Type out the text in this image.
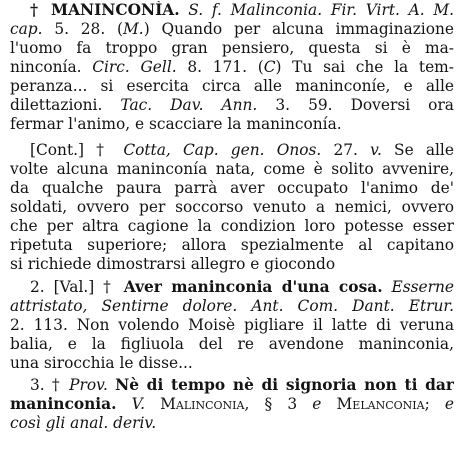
† MANINCONÌA. S. f. Malinconia. Fir. Virt. A. M.
cap. 5. 28. (M.) Quando per alcuna immaginazione
l'uomo fa troppo gran pensiero, questa si è ma-
ninconía. Circ. Gell. 8. 171. (C) Tu sai che la tem-
peranza... si esercita circa alle maninconíe, e alle
dilettazioni. Tac. Dav. Ann. 3. 59. Doversi ora
fermar l'animo, e scacciare la maninconía.
[Cont.] † Cotta, Cap. gen. Onos. 27. v. Se alle
volte alcuna maninconía nata, come è solito avvenire,
da qualche paura parrà aver occupato l'animo de'
soldati, ovvero per soccorso venuto a nemici, ovvero
che per altra cagione la condizion loro potesse esser
ripetuta superiore; allora spezialmente al capitano
si richiede dimostrarsi allegro e giocondo
2. [Val.] † Aver maninconia d'una cosa. Esserne
attristato, Sentirne dolore. Ant. Com. Dant. Etrur.
2. 113. Non volendo Moisè pigliare il latte di veruna
balia, e la figliuola del re avendone maninconia,
una sirocchia le disse...
3. † Prov. Nè di tempo nè di signoria non ti dar
maninconia. V. Malinconia, § 3 e Melanconia; e
così gli anal. deriv.
